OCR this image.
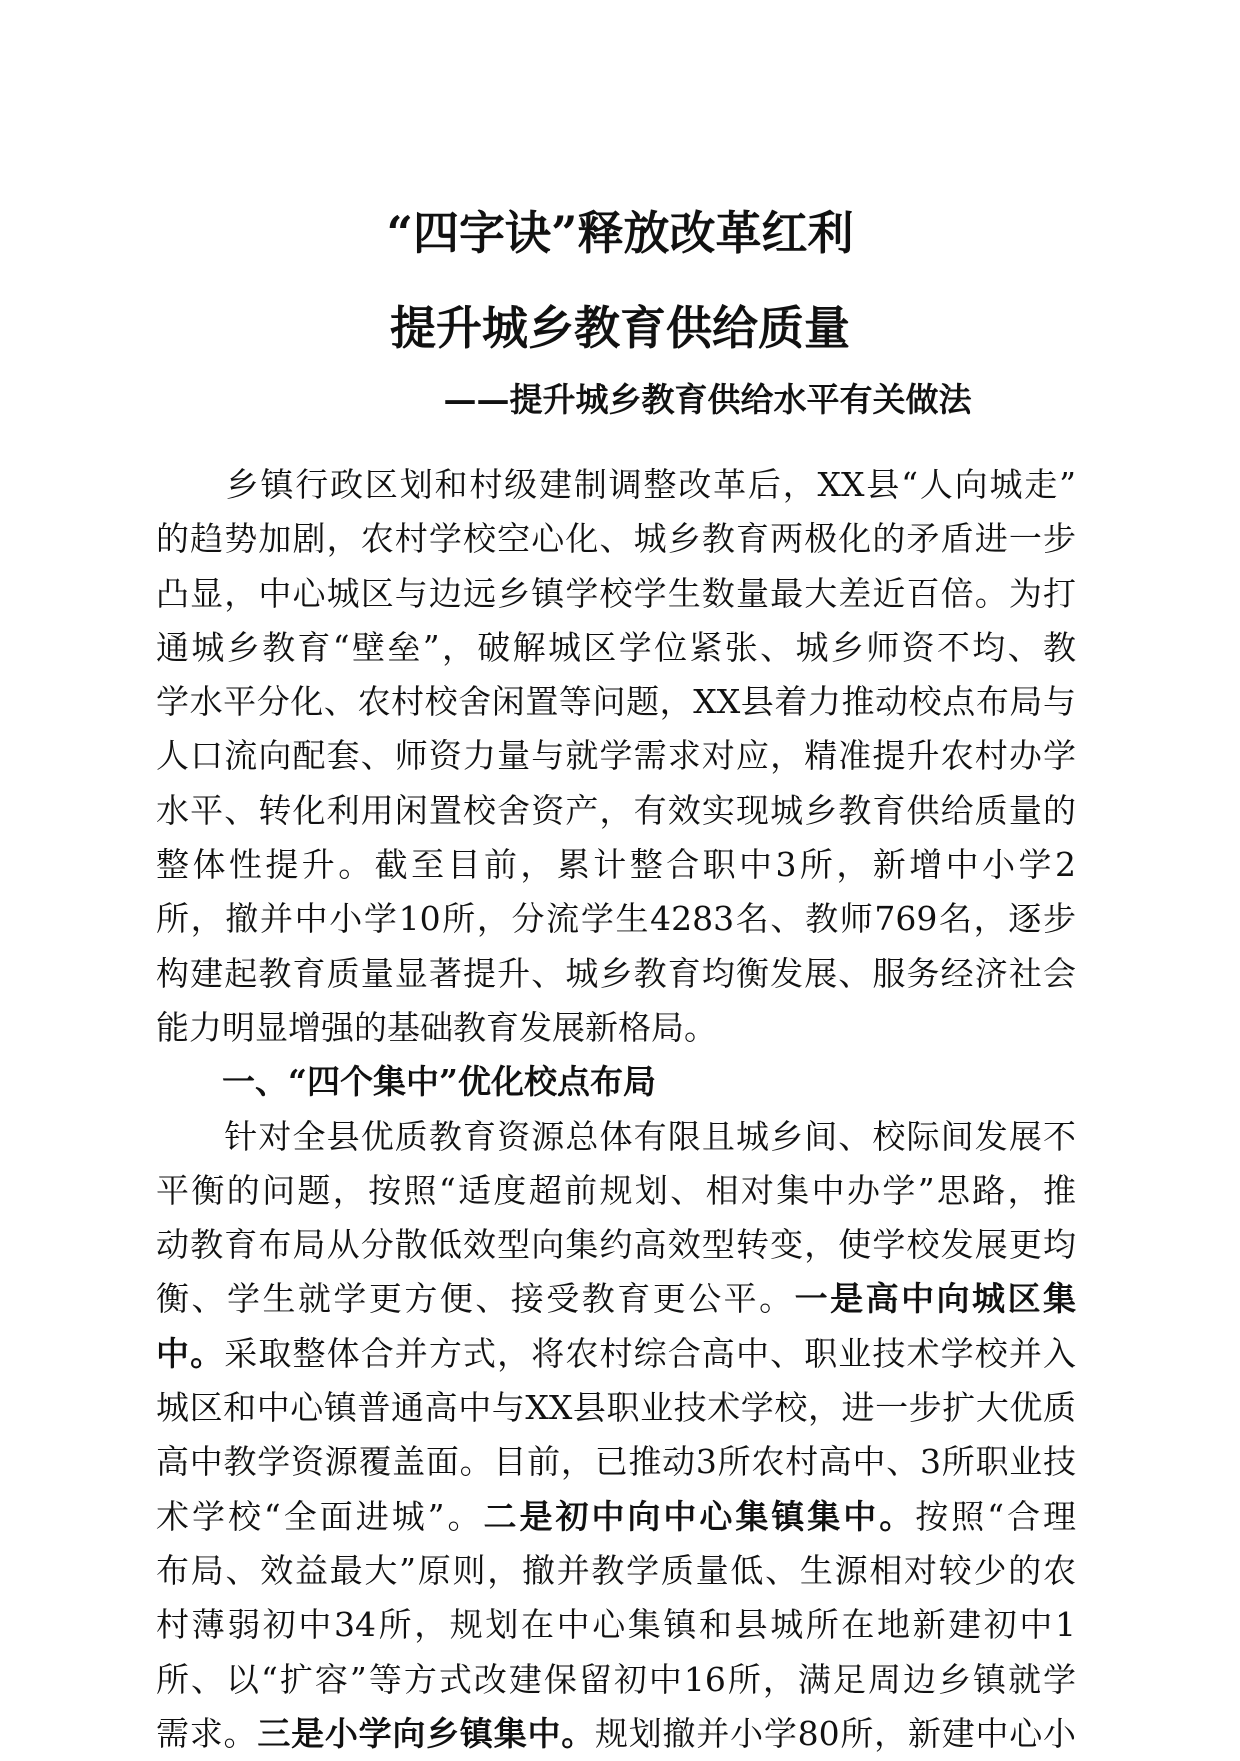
“四字诀”释放改革红利
提升城乡教育供给质量

——提升城乡教育供给水平有关做法

　　乡镇行政区划和村级建制调整改革后，XX县“人向城走”
的趋势加剧，农村学校空心化、城乡教育两极化的矛盾进一步
凸显，中心城区与边远乡镇学校学生数量最大差近百倍。为打
通城乡教育“壁垒”，破解城区学位紧张、城乡师资不均、教
学水平分化、农村校舍闲置等问题，XX县着力推动校点布局与
人口流向配套、师资力量与就学需求对应，精准提升农村办学
水平、转化利用闲置校舍资产，有效实现城乡教育供给质量的
整体性提升。截至目前，累计整合职中3所，新增中小学2
所，撤并中小学10所，分流学生4283名、教师769名，逐步
构建起教育质量显著提升、城乡教育均衡发展、服务经济社会
能力明显增强的基础教育发展新格局。
　　一、“四个集中”优化校点布局
　　针对全县优质教育资源总体有限且城乡间、校际间发展不
平衡的问题，按照“适度超前规划、相对集中办学”思路，推
动教育布局从分散低效型向集约高效型转变，使学校发展更均
衡、学生就学更方便、接受教育更公平。一是高中向城区集
中。采取整体合并方式，将农村综合高中、职业技术学校并入
城区和中心镇普通高中与XX县职业技术学校，进一步扩大优质
高中教学资源覆盖面。目前，已推动3所农村高中、3所职业技
术学校“全面进城”。二是初中向中心集镇集中。按照“合理
布局、效益最大”原则，撤并教学质量低、生源相对较少的农
村薄弱初中34所，规划在中心集镇和县城所在地新建初中1
所、以“扩容”等方式改建保留初中16所，满足周边乡镇就学
需求。三是小学向乡镇集中。规划撤并小学80所，新建中心小
